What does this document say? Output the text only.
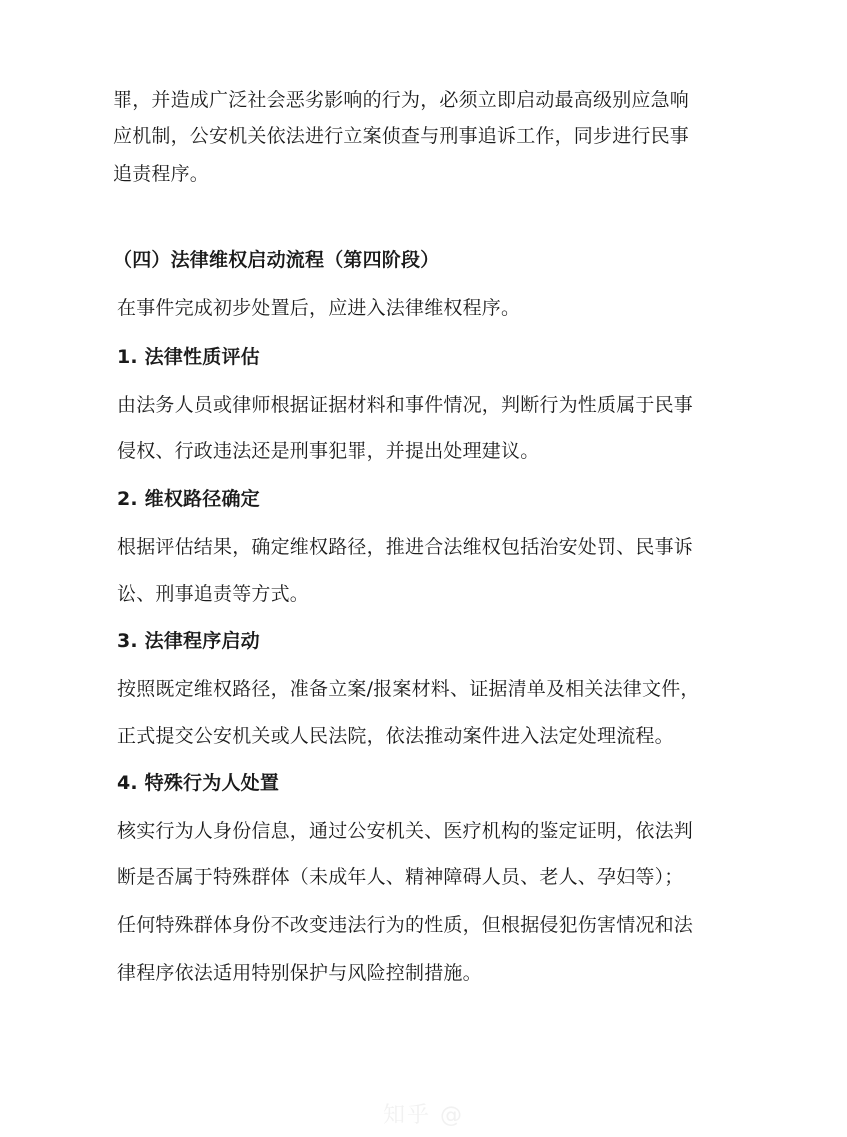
罪，并造成广泛社会恶劣影响的行为，必须立即启动最高级别应急响
应机制，公安机关依法进行立案侦查与刑事追诉工作，同步进行民事
追责程序。
（四）法律维权启动流程（第四阶段）
在事件完成初步处置后，应进入法律维权程序。
1. 法律性质评估
由法务人员或律师根据证据材料和事件情况，判断行为性质属于民事
侵权、行政违法还是刑事犯罪，并提出处理建议。
2. 维权路径确定
根据评估结果，确定维权路径，推进合法维权包括治安处罚、民事诉
讼、刑事追责等方式。
3. 法律程序启动
按照既定维权路径，准备立案/报案材料、证据清单及相关法律文件，
正式提交公安机关或人民法院，依法推动案件进入法定处理流程。
4. 特殊行为人处置
核实行为人身份信息，通过公安机关、医疗机构的鉴定证明，依法判
断是否属于特殊群体（未成年人、精神障碍人员、老人、孕妇等）；
任何特殊群体身份不改变违法行为的性质，但根据侵犯伤害情况和法
律程序依法适用特别保护与风险控制措施。
知乎 @
